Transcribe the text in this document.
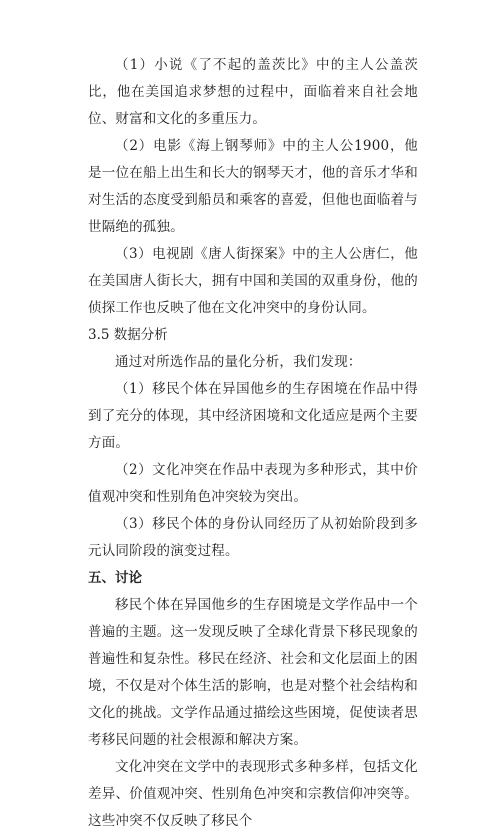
（1）小说《了不起的盖茨比》中的主人公盖茨比，他在美国追求梦想的过程中，面临着来自社会地位、财富和文化的多重压力。

（2）电影《海上钢琴师》中的主人公1900，他是一位在船上出生和长大的钢琴天才，他的音乐才华和对生活的态度受到船员和乘客的喜爱，但他也面临着与世隔绝的孤独。

（3）电视剧《唐人街探案》中的主人公唐仁，他在美国唐人街长大，拥有中国和美国的双重身份，他的侦探工作也反映了他在文化冲突中的身份认同。

3.5 数据分析

通过对所选作品的量化分析，我们发现：

（1）移民个体在异国他乡的生存困境在作品中得到了充分的体现，其中经济困境和文化适应是两个主要方面。

（2）文化冲突在作品中表现为多种形式，其中价值观冲突和性别角色冲突较为突出。

（3）移民个体的身份认同经历了从初始阶段到多元认同阶段的演变过程。

五、讨论

移民个体在异国他乡的生存困境是文学作品中一个普遍的主题。这一发现反映了全球化背景下移民现象的普遍性和复杂性。移民在经济、社会和文化层面上的困境，不仅是对个体生活的影响，也是对整个社会结构和文化的挑战。文学作品通过描绘这些困境，促使读者思考移民问题的社会根源和解决方案。

文化冲突在文学中的表现形式多种多样，包括文化差异、价值观冲突、性别角色冲突和宗教信仰冲突等。这些冲突不仅反映了移民个
